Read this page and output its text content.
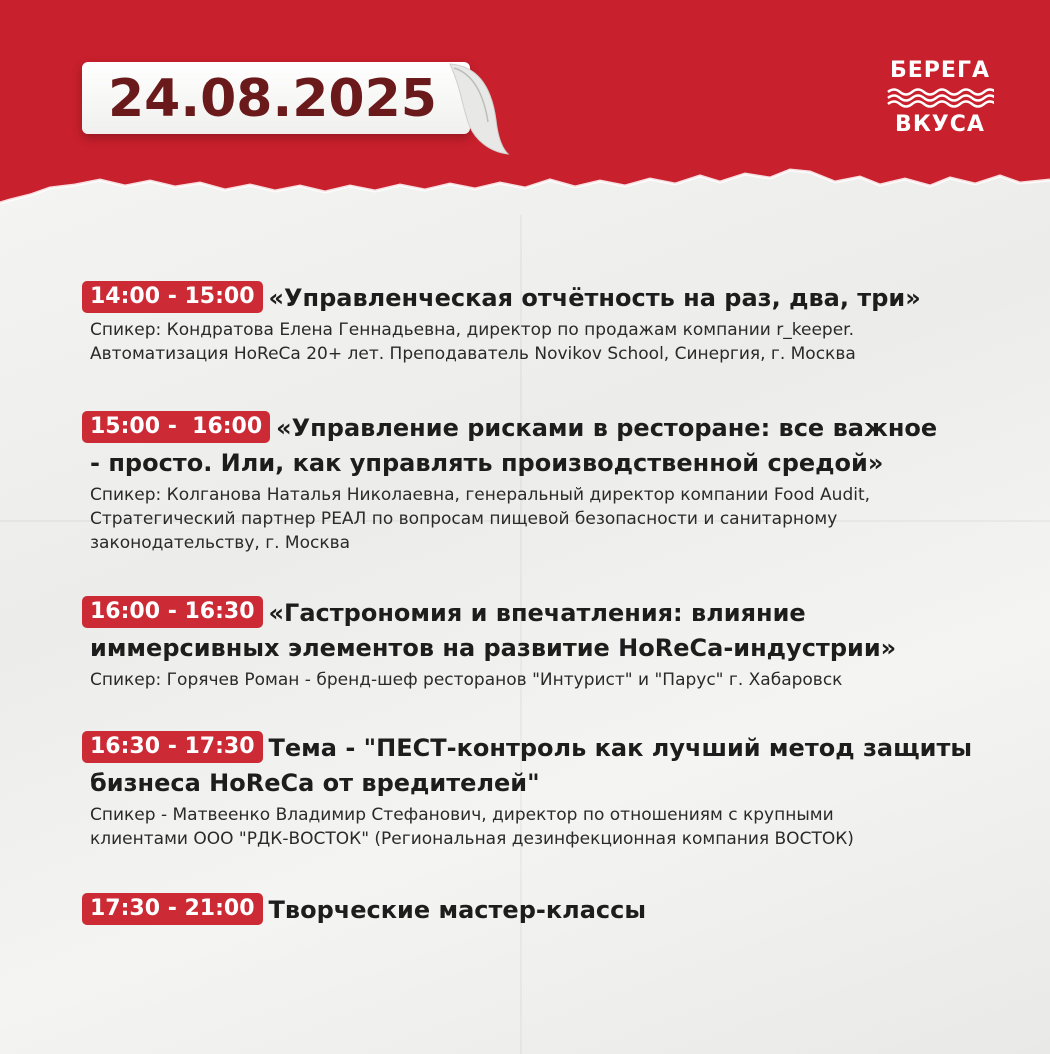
24.08.2025	БЕРЕГА
ВКУСА
14:00 - 15:00 «Управленческая отчётность на раз, два, три»
Спикер: Кондратова Елена Геннадьевна, директор по продажам компании r_keeper.
Автоматизация HoReCa 20+ лет. Преподаватель Novikov School, Синергия, г. Москва
15:00 -  16:00 «Управление рисками в ресторане: все важное
- просто. Или, как управлять производственной средой»
Спикер: Колганова Наталья Николаевна, генеральный директор компании Food Audit,
Стратегический партнер РЕАЛ по вопросам пищевой безопасности и санитарному
законодательству, г. Москва
16:00 - 16:30 «Гастрономия и впечатления: влияние
иммерсивных элементов на развитие HoReCa-индустрии»
Спикер: Горячев Роман - бренд-шеф ресторанов "Интурист" и "Парус" г. Хабаровск
16:30 - 17:30 Тема - "ПЕСТ-контроль как лучший метод защиты
бизнеса HoReCa от вредителей"
Спикер - Матвеенко Владимир Стефанович, директор по отношениям с крупными
клиентами ООО "РДК-ВОСТОК" (Региональная дезинфекционная компания ВОСТОК)
17:30 - 21:00 Творческие мастер-классы
